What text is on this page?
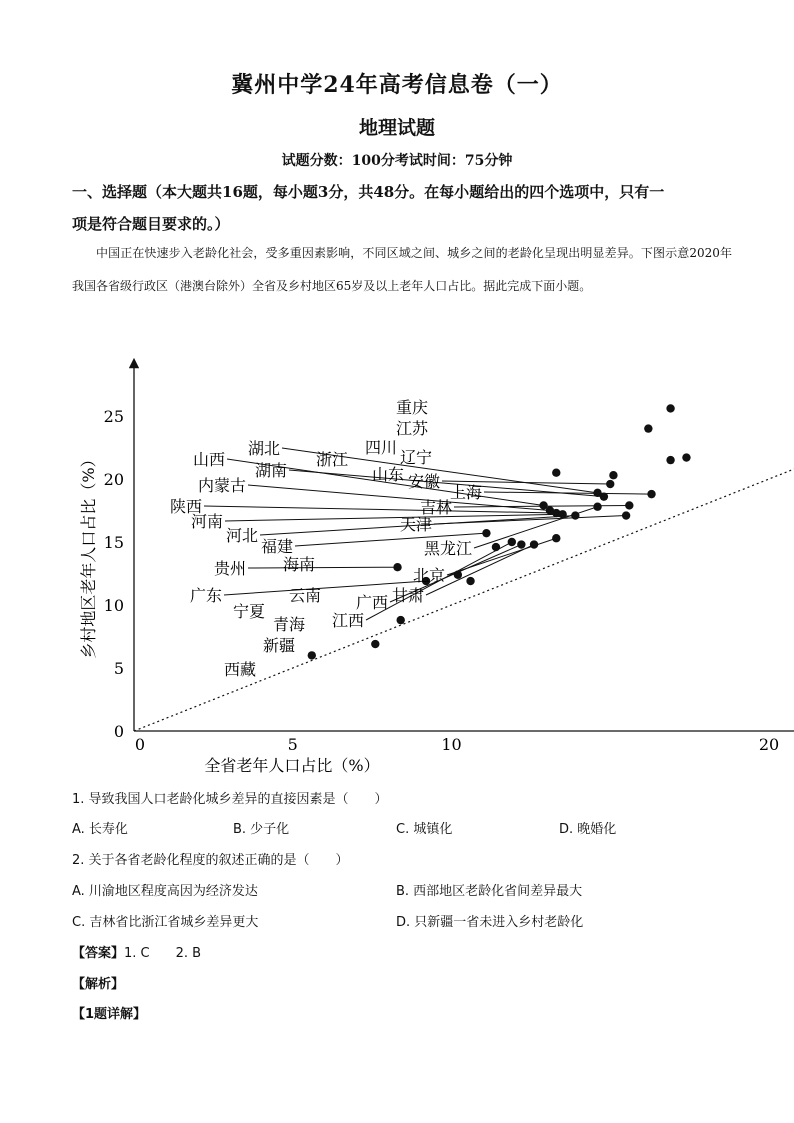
冀州中学24年高考信息卷（一）
地理试题
试题分数：100分考试时间：75分钟
一、选择题（本大题共16题，每小题3分，共48分。在每小题给出的四个选项中，只有一
项是符合题目要求的。）
中国正在快速步入老龄化社会，受多重因素影响，不同区域之间、城乡之间的老龄化呈现出明显差异。下图示意2020年我国各省级行政区（港澳台除外）全省及乡村地区65岁及以上老年人口占比。据此完成下面小题。
0	5	10	20
0
5
10
15
20
25	重庆
江苏
四川
辽宁
浙江
山东 安徽
上海
湖北
湖南
吉林
天津
黑龙江
山西
内蒙古
陕西
河南
河北
福建
北京
甘肃
广西
江西
海南
贵州
云南
广东
宁夏
青海
新疆
西藏
全省老年人口占比（%）
乡村地区老年人口占比（%）
1. 导致我国人口老龄化城乡差异的直接因素是（　　）
A. 长寿化	B. 少子化	C. 城镇化	D. 晚婚化
2. 关于各省老龄化程度的叙述正确的是（　　）
A. 川渝地区程度高因为经济发达	B. 西部地区老龄化省间差异最大
C. 吉林省比浙江省城乡差异更大	D. 只新疆一省未进入乡村老龄化
【答案】1. C　　2. B
【解析】
【1题详解】
